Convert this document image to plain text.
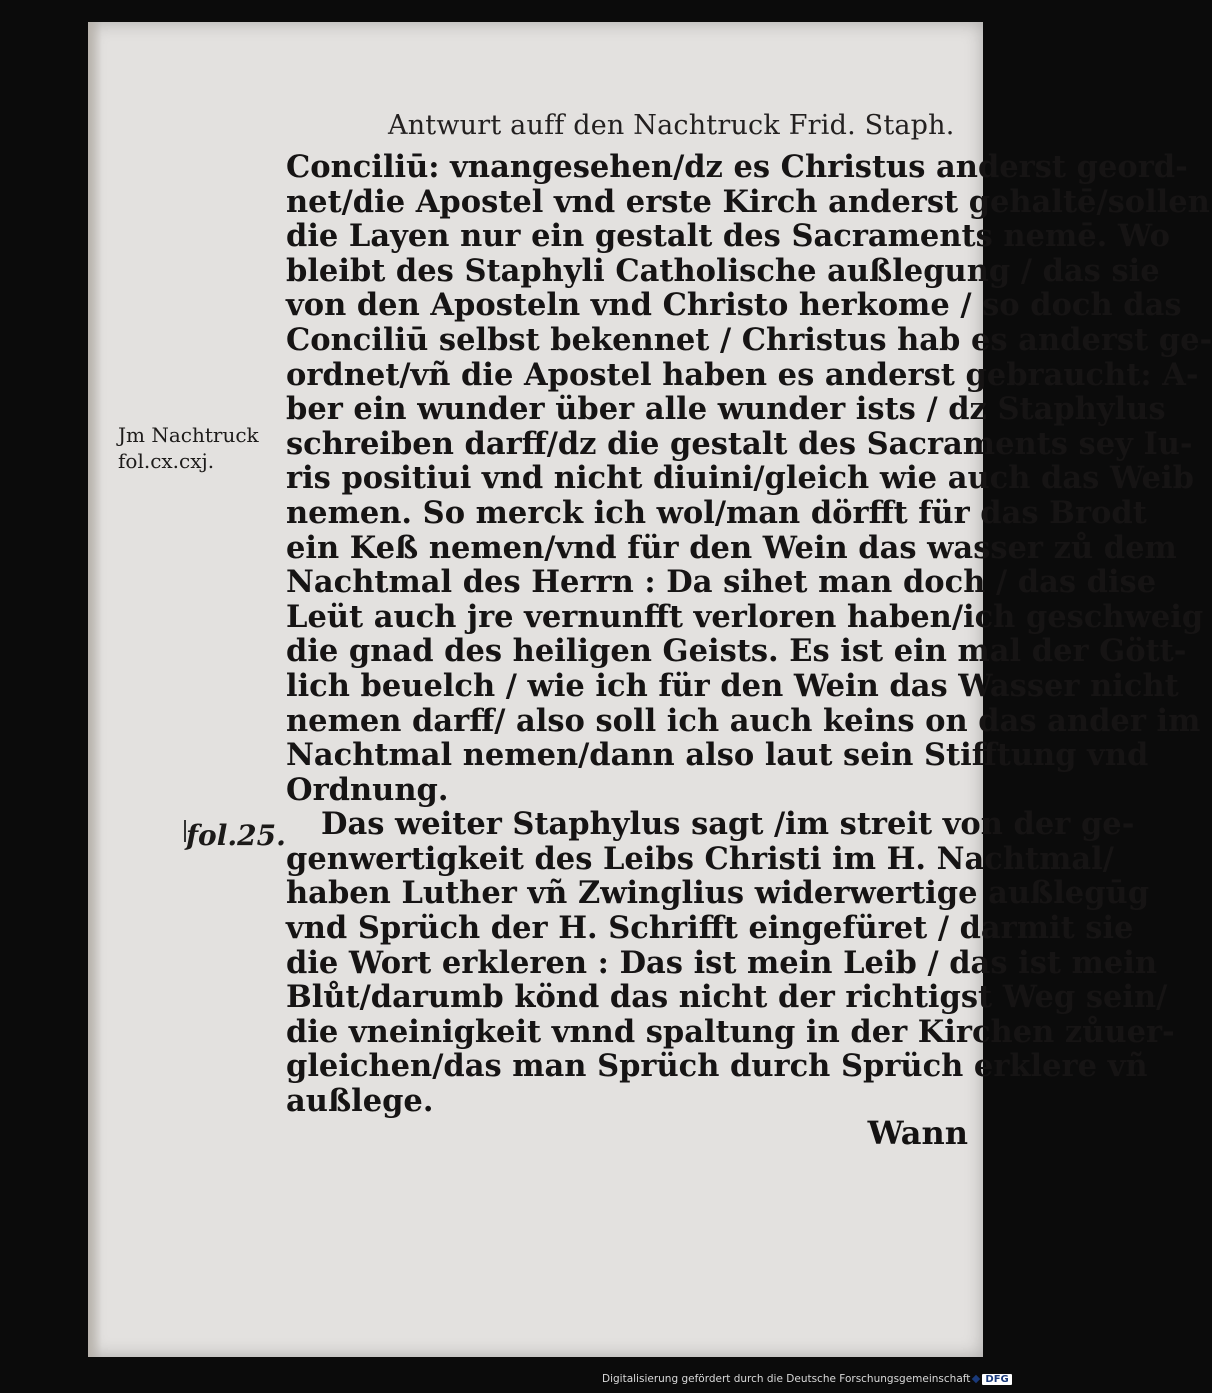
Antwurt auff den Nachtruck Frid. Staph.
Jm Nachtruck
fol.cx.cxj.
fol.25.
Conciliū: vnangesehen/dz es Christus anderst geord-
net/die Apostel vnd erste Kirch anderst gehaltē/sollen
die Layen nur ein gestalt des Sacraments nemē. Wo
bleibt des Staphyli Catholische außlegung / das sie
von den Aposteln vnd Christo herkome / so doch das
Conciliū selbst bekennet / Christus hab es anderst ge-
ordnet/vñ die Apostel haben es anderst gebraucht: A-
ber ein wunder über alle wunder ists / dz Staphylus
schreiben darff/dz die gestalt des Sacraments sey Iu-
ris positiui vnd nicht diuini/gleich wie auch das Weib
nemen. So merck ich wol/man dörfft für das Brodt
ein Keß nemen/vnd für den Wein das wasser zů dem
Nachtmal des Herrn : Da sihet man doch / das dise
Leüt auch jre vernunfft verloren haben/ich geschweig
die gnad des heiligen Geists. Es ist ein mal der Gött-
lich beuelch / wie ich für den Wein das Wasser nicht
nemen darff/ also soll ich auch keins on das ander im
Nachtmal nemen/dann also laut sein Stifftung vnd
Ordnung.
Das weiter Staphylus sagt /im streit von der ge-
genwertigkeit des Leibs Christi im H. Nachtmal/
haben Luther vñ Zwinglius widerwertige außlegūg
vnd Sprüch der H. Schrifft eingefüret / darmit sie
die Wort erkleren : Das ist mein Leib / das ist mein
Blůt/darumb könd das nicht der richtigst Weg sein/
die vneinigkeit vnnd spaltung in der Kirchen zůuer-
gleichen/das man Sprüch durch Sprüch erklere vñ
außlege.
Wann
Digitalisierung gefördert durch die Deutsche Forschungsgemeinschaft DFG
